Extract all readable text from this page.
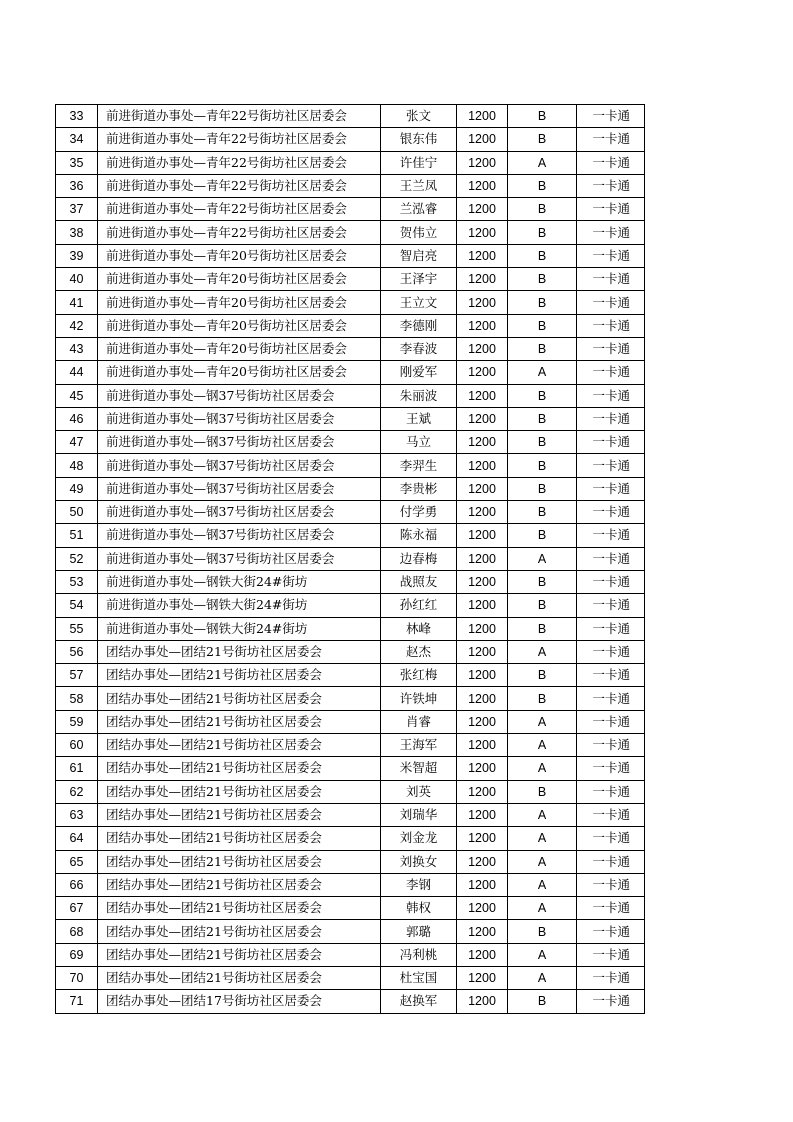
33	前进街道办事处—青年22号街坊社区居委会	张文	1200	B	一卡通
34	前进街道办事处—青年22号街坊社区居委会	银东伟	1200	B	一卡通
35	前进街道办事处—青年22号街坊社区居委会	许佳宁	1200	A	一卡通
36	前进街道办事处—青年22号街坊社区居委会	王兰凤	1200	B	一卡通
37	前进街道办事处—青年22号街坊社区居委会	兰泓睿	1200	B	一卡通
38	前进街道办事处—青年22号街坊社区居委会	贺伟立	1200	B	一卡通
39	前进街道办事处—青年20号街坊社区居委会	智启亮	1200	B	一卡通
40	前进街道办事处—青年20号街坊社区居委会	王泽宇	1200	B	一卡通
41	前进街道办事处—青年20号街坊社区居委会	王立文	1200	B	一卡通
42	前进街道办事处—青年20号街坊社区居委会	李德刚	1200	B	一卡通
43	前进街道办事处—青年20号街坊社区居委会	李春波	1200	B	一卡通
44	前进街道办事处—青年20号街坊社区居委会	刚爱军	1200	A	一卡通
45	前进街道办事处—钢37号街坊社区居委会	朱丽波	1200	B	一卡通
46	前进街道办事处—钢37号街坊社区居委会	王斌	1200	B	一卡通
47	前进街道办事处—钢37号街坊社区居委会	马立	1200	B	一卡通
48	前进街道办事处—钢37号街坊社区居委会	李羿生	1200	B	一卡通
49	前进街道办事处—钢37号街坊社区居委会	李贵彬	1200	B	一卡通
50	前进街道办事处—钢37号街坊社区居委会	付学勇	1200	B	一卡通
51	前进街道办事处—钢37号街坊社区居委会	陈永福	1200	B	一卡通
52	前进街道办事处—钢37号街坊社区居委会	边春梅	1200	A	一卡通
53	前进街道办事处—钢铁大街24#街坊	战照友	1200	B	一卡通
54	前进街道办事处—钢铁大街24#街坊	孙红红	1200	B	一卡通
55	前进街道办事处—钢铁大街24#街坊	林峰	1200	B	一卡通
56	团结办事处—团结21号街坊社区居委会	赵杰	1200	A	一卡通
57	团结办事处—团结21号街坊社区居委会	张红梅	1200	B	一卡通
58	团结办事处—团结21号街坊社区居委会	许铁坤	1200	B	一卡通
59	团结办事处—团结21号街坊社区居委会	肖睿	1200	A	一卡通
60	团结办事处—团结21号街坊社区居委会	王海军	1200	A	一卡通
61	团结办事处—团结21号街坊社区居委会	米智超	1200	A	一卡通
62	团结办事处—团结21号街坊社区居委会	刘英	1200	B	一卡通
63	团结办事处—团结21号街坊社区居委会	刘瑞华	1200	A	一卡通
64	团结办事处—团结21号街坊社区居委会	刘金龙	1200	A	一卡通
65	团结办事处—团结21号街坊社区居委会	刘换女	1200	A	一卡通
66	团结办事处—团结21号街坊社区居委会	李钢	1200	A	一卡通
67	团结办事处—团结21号街坊社区居委会	韩权	1200	A	一卡通
68	团结办事处—团结21号街坊社区居委会	郭璐	1200	B	一卡通
69	团结办事处—团结21号街坊社区居委会	冯利桃	1200	A	一卡通
70	团结办事处—团结21号街坊社区居委会	杜宝国	1200	A	一卡通
71	团结办事处—团结17号街坊社区居委会	赵换军	1200	B	一卡通
